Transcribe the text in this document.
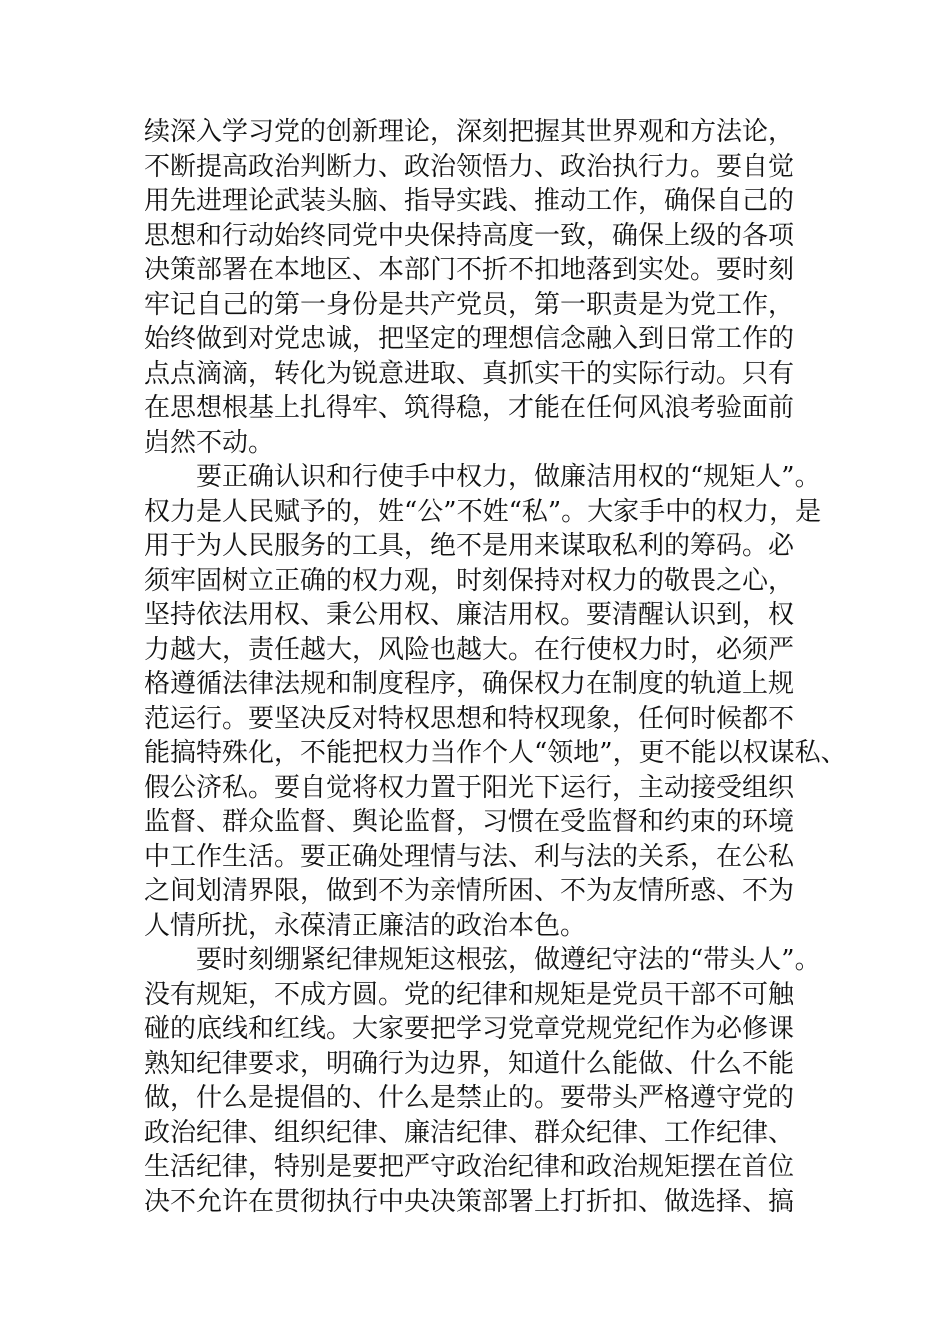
续深入学习党的创新理论，深刻把握其世界观和方法论，
不断提高政治判断力、政治领悟力、政治执行力。要自觉
用先进理论武装头脑、指导实践、推动工作，确保自己的
思想和行动始终同党中央保持高度一致，确保上级的各项
决策部署在本地区、本部门不折不扣地落到实处。要时刻
牢记自己的第一身份是共产党员，第一职责是为党工作，
始终做到对党忠诚，把坚定的理想信念融入到日常工作的
点点滴滴，转化为锐意进取、真抓实干的实际行动。只有
在思想根基上扎得牢、筑得稳，才能在任何风浪考验面前
岿然不动。
　　要正确认识和行使手中权力，做廉洁用权的“规矩人”。
权力是人民赋予的，姓“公”不姓“私”。大家手中的权力，是
用于为人民服务的工具，绝不是用来谋取私利的筹码。必
须牢固树立正确的权力观，时刻保持对权力的敬畏之心，
坚持依法用权、秉公用权、廉洁用权。要清醒认识到，权
力越大，责任越大，风险也越大。在行使权力时，必须严
格遵循法律法规和制度程序，确保权力在制度的轨道上规
范运行。要坚决反对特权思想和特权现象，任何时候都不
能搞特殊化，不能把权力当作个人“领地”，更不能以权谋私、
假公济私。要自觉将权力置于阳光下运行，主动接受组织
监督、群众监督、舆论监督，习惯在受监督和约束的环境
中工作生活。要正确处理情与法、利与法的关系，在公私
之间划清界限，做到不为亲情所困、不为友情所惑、不为
人情所扰，永葆清正廉洁的政治本色。
　　要时刻绷紧纪律规矩这根弦，做遵纪守法的“带头人”。
没有规矩，不成方圆。党的纪律和规矩是党员干部不可触
碰的底线和红线。大家要把学习党章党规党纪作为必修课
熟知纪律要求，明确行为边界，知道什么能做、什么不能
做，什么是提倡的、什么是禁止的。要带头严格遵守党的
政治纪律、组织纪律、廉洁纪律、群众纪律、工作纪律、
生活纪律，特别是要把严守政治纪律和政治规矩摆在首位
决不允许在贯彻执行中央决策部署上打折扣、做选择、搞
